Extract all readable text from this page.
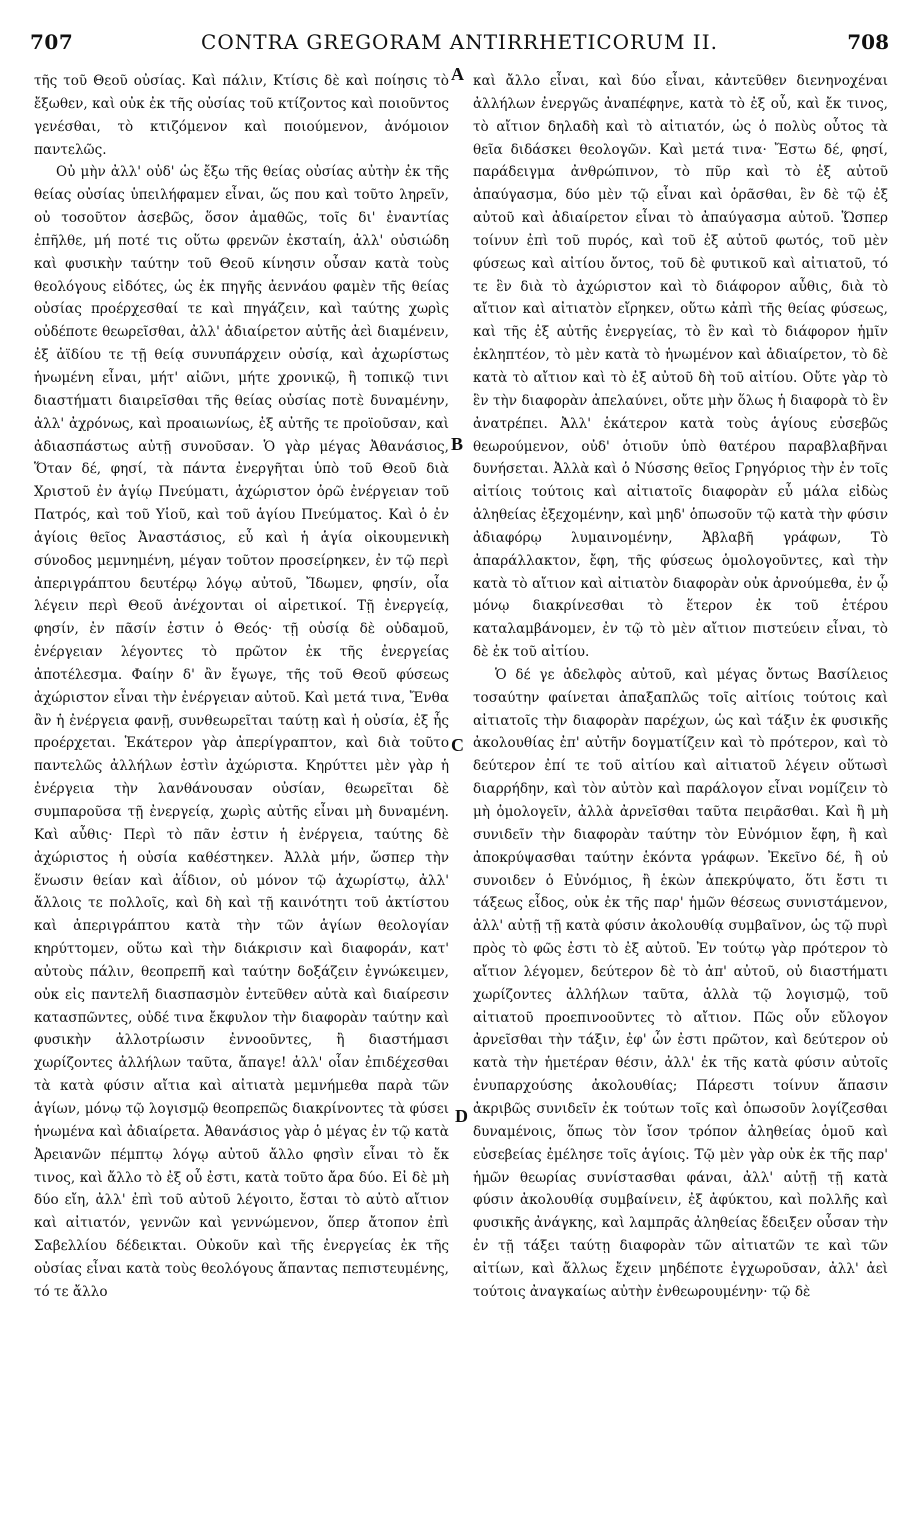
707	CONTRA GREGORAM ANTIRRHETICORUM II.	708
A
B
C
D

τῆς τοῦ Θεοῦ οὐσίας. Καὶ πάλιν, Κτίσις δὲ καὶ ποίησις τὸ ἔξωθεν, καὶ οὐκ ἐκ τῆς οὐσίας τοῦ κτίζοντος καὶ ποιοῦντος γενέσθαι, τὸ κτιζόμενον καὶ ποιούμενον, ἀνόμοιον παντελῶς.

Οὐ μὴν ἀλλ' οὐδ' ὡς ἔξω τῆς θείας οὐσίας αὐτὴν ἐκ τῆς θείας οὐσίας ὑπειλήφαμεν εἶναι, ὥς που καὶ τοῦτο ληρεῖν, οὐ τοσοῦτον ἀσεβῶς, ὅσον ἀμαθῶς, τοῖς δι' ἐναντίας ἐπῆλθε, μή ποτέ τις οὕτω φρενῶν ἐκσταίη, ἀλλ' οὐσιώδη καὶ φυσικὴν ταύτην τοῦ Θεοῦ κίνησιν οὖσαν κατὰ τοὺς θεολόγους εἰδότες, ὡς ἐκ πηγῆς ἀεννάου φαμὲν τῆς θείας οὐσίας προέρχεσθαί τε καὶ πηγάζειν, καὶ ταύτης χωρὶς οὐδέποτε θεωρεῖσθαι, ἀλλ' ἀδιαίρετον αὐτῆς ἀεὶ διαμένειν, ἐξ ἀϊδίου τε τῇ θείᾳ συνυπάρχειν οὐσίᾳ, καὶ ἀχωρίστως ἡνωμένη εἶναι, μήτ' αἰῶνι, μήτε χρονικῷ, ἢ τοπικῷ τινι διαστήματι διαιρεῖσθαι τῆς θείας οὐσίας ποτὲ δυναμένην, ἀλλ' ἀχρόνως, καὶ προαιωνίως, ἐξ αὐτῆς τε προϊοῦσαν, καὶ ἀδιασπάστως αὐτῇ συνοῦσαν. Ὁ γὰρ μέγας Ἀθανάσιος, Ὅταν δέ, φησί, τὰ πάντα ἐνεργῆται ὑπὸ τοῦ Θεοῦ διὰ Χριστοῦ ἐν ἁγίῳ Πνεύματι, ἀχώριστον ὁρῶ ἐνέργειαν τοῦ Πατρός, καὶ τοῦ Υἱοῦ, καὶ τοῦ ἁγίου Πνεύματος. Καὶ ὁ ἐν ἁγίοις θεῖος Ἀναστάσιος, εὖ καὶ ἡ ἁγία οἰκουμενικὴ σύνοδος μεμνημένη, μέγαν τοῦτον προσείρηκεν, ἐν τῷ περὶ ἀπεριγράπτου δευτέρῳ λόγῳ αὐτοῦ, Ἴδωμεν, φησίν, οἷα λέγειν περὶ Θεοῦ ἀνέχονται οἱ αἱρετικοί. Τῇ ἐνεργείᾳ, φησίν, ἐν πᾶσίν ἐστιν ὁ Θεός· τῇ οὐσίᾳ δὲ οὐδαμοῦ, ἐνέργειαν λέγοντες τὸ πρῶτον ἐκ τῆς ἐνεργείας ἀποτέλεσμα. Φαίην δ' ἂν ἔγωγε, τῆς τοῦ Θεοῦ φύσεως ἀχώριστον εἶναι τὴν ἐνέργειαν αὐτοῦ. Καὶ μετά τινα, Ἔνθα ἂν ἡ ἐνέργεια φανῇ, συνθεωρεῖται ταύτῃ καὶ ἡ οὐσία, ἐξ ἧς προέρχεται. Ἑκάτερον γὰρ ἀπερίγραπτον, καὶ διὰ τοῦτο παντελῶς ἀλλήλων ἐστὶν ἀχώριστα. Κηρύττει μὲν γὰρ ἡ ἐνέργεια τὴν λανθάνουσαν οὐσίαν, θεωρεῖται δὲ συμπαροῦσα τῇ ἐνεργείᾳ, χωρὶς αὐτῆς εἶναι μὴ δυναμένη. Καὶ αὖθις· Περὶ τὸ πᾶν ἐστιν ἡ ἐνέργεια, ταύτης δὲ ἀχώριστος ἡ οὐσία καθέστηκεν. Ἀλλὰ μήν, ὥσπερ τὴν ἕνωσιν θείαν καὶ ἀΐδιον, οὐ μόνον τῷ ἀχωρίστῳ, ἀλλ' ἄλλοις τε πολλοῖς, καὶ δὴ καὶ τῇ καινότητι τοῦ ἀκτίστου καὶ ἀπεριγράπτου κατὰ τὴν τῶν ἁγίων θεολογίαν κηρύττομεν, οὕτω καὶ τὴν διάκρισιν καὶ διαφοράν, κατ' αὐτοὺς πάλιν, θεοπρεπῆ καὶ ταύτην δοξάζειν ἐγνώκειμεν, οὐκ εἰς παντελῆ διασπασμὸν ἐντεῦθεν αὐτὰ καὶ διαίρεσιν κατασπῶντες, οὐδέ τινα ἔκφυλον τὴν διαφορὰν ταύτην καὶ φυσικὴν ἀλλοτρίωσιν ἐννοοῦντες, ἢ διαστήμασι χωρίζοντες ἀλλήλων ταῦτα, ἄπαγε! ἀλλ' οἷαν ἐπιδέχεσθαι τὰ κατὰ φύσιν αἴτια καὶ αἰτιατὰ μεμνήμεθα παρὰ τῶν ἁγίων, μόνῳ τῷ λογισμῷ θεοπρεπῶς διακρίνοντες τὰ φύσει ἡνωμένα καὶ ἀδιαίρετα. Ἀθανάσιος γὰρ ὁ μέγας ἐν τῷ κατὰ Ἀρειανῶν πέμπτῳ λόγῳ αὐτοῦ ἄλλο φησὶν εἶναι τὸ ἔκ τινος, καὶ ἄλλο τὸ ἐξ οὗ ἐστι, κατὰ τοῦτο ἄρα δύο. Εἰ δὲ μὴ δύο εἴη, ἀλλ' ἐπὶ τοῦ αὐτοῦ λέγοιτο, ἔσται τὸ αὐτὸ αἴτιον καὶ αἰτιατόν, γεννῶν καὶ γεννώμενον, ὅπερ ἄτοπον ἐπὶ Σαβελλίου δέδεικται. Οὐκοῦν καὶ τῆς ἐνεργείας ἐκ τῆς οὐσίας εἶναι κατὰ τοὺς θεολόγους ἅπαντας πεπιστευμένης, τό τε ἄλλο

καὶ ἄλλο εἶναι, καὶ δύο εἶναι, κἀντεῦθεν διενηνοχέναι ἀλλήλων ἐνεργῶς ἀναπέφηνε, κατὰ τὸ ἐξ οὗ, καὶ ἔκ τινος, τὸ αἴτιον δηλαδὴ καὶ τὸ αἰτιατόν, ὡς ὁ πολὺς οὗτος τὰ θεῖα διδάσκει θεολογῶν. Καὶ μετά τινα· Ἔστω δέ, φησί, παράδειγμα ἀνθρώπινον, τὸ πῦρ καὶ τὸ ἐξ αὐτοῦ ἀπαύγασμα, δύο μὲν τῷ εἶναι καὶ ὁρᾶσθαι, ἓν δὲ τῷ ἐξ αὐτοῦ καὶ ἀδιαίρετον εἶναι τὸ ἀπαύγασμα αὐτοῦ. Ὥσπερ τοίνυν ἐπὶ τοῦ πυρός, καὶ τοῦ ἐξ αὐτοῦ φωτός, τοῦ μὲν φύσεως καὶ αἰτίου ὄντος, τοῦ δὲ φυτικοῦ καὶ αἰτιατοῦ, τό τε ἓν διὰ τὸ ἀχώριστον καὶ τὸ διάφορον αὖθις, διὰ τὸ αἴτιον καὶ αἰτιατὸν εἴρηκεν, οὕτω κἀπὶ τῆς θείας φύσεως, καὶ τῆς ἐξ αὐτῆς ἐνεργείας, τὸ ἓν καὶ τὸ διάφορον ἡμῖν ἐκληπτέον, τὸ μὲν κατὰ τὸ ἡνωμένον καὶ ἀδιαίρετον, τὸ δὲ κατὰ τὸ αἴτιον καὶ τὸ ἐξ αὐτοῦ δὴ τοῦ αἰτίου. Οὔτε γὰρ τὸ ἓν τὴν διαφορὰν ἀπελαύνει, οὔτε μὴν ὅλως ἡ διαφορὰ τὸ ἓν ἀνατρέπει. Ἀλλ' ἑκάτερον κατὰ τοὺς ἁγίους εὐσεβῶς θεωρούμενον, οὐδ' ὁτιοῦν ὑπὸ θατέρου παραβλαβῆναι δυνήσεται. Ἀλλὰ καὶ ὁ Νύσσης θεῖος Γρηγόριος τὴν ἐν τοῖς αἰτίοις τούτοις καὶ αἰτιατοῖς διαφορὰν εὖ μάλα εἰδὼς ἀληθείας ἐξεχομένην, καὶ μηδ' ὁπωσοῦν τῷ κατὰ τὴν φύσιν ἀδιαφόρῳ λυμαινομένην, Ἀβλαβῆ γράφων, Τὸ ἀπαράλλακτον, ἔφη, τῆς φύσεως ὁμολογοῦντες, καὶ τὴν κατὰ τὸ αἴτιον καὶ αἰτιατὸν διαφορὰν οὐκ ἀρνούμεθα, ἐν ᾧ μόνῳ διακρίνεσθαι τὸ ἕτερον ἐκ τοῦ ἑτέρου καταλαμβάνομεν, ἐν τῷ τὸ μὲν αἴτιον πιστεύειν εἶναι, τὸ δὲ ἐκ τοῦ αἰτίου.

Ὁ δέ γε ἀδελφὸς αὐτοῦ, καὶ μέγας ὄντως Βασίλειος τοσαύτην φαίνεται ἀπαξαπλῶς τοῖς αἰτίοις τούτοις καὶ αἰτιατοῖς τὴν διαφορὰν παρέχων, ὡς καὶ τάξιν ἐκ φυσικῆς ἀκολουθίας ἐπ' αὐτῆν δογματίζειν καὶ τὸ πρότερον, καὶ τὸ δεύτερον ἐπί τε τοῦ αἰτίου καὶ αἰτιατοῦ λέγειν οὕτωσὶ διαρρήδην, καὶ τὸν αὐτὸν καὶ παράλογον εἶναι νομίζειν τὸ μὴ ὁμολογεῖν, ἀλλὰ ἀρνεῖσθαι ταῦτα πειρᾶσθαι. Καὶ ἢ μὴ συνιδεῖν τὴν διαφορὰν ταύτην τὸν Εὐνόμιον ἔφη, ἢ καὶ ἀποκρύψασθαι ταύτην ἑκόντα γράφων. Ἐκεῖνο δέ, ἢ οὐ συνοιδεν ὁ Εὐνόμιος, ἢ ἑκὼν ἀπεκρύψατο, ὅτι ἔστι τι τάξεως εἶδος, οὐκ ἐκ τῆς παρ' ἡμῶν θέσεως συνιστάμενον, ἀλλ' αὐτῇ τῇ κατὰ φύσιν ἀκολουθίᾳ συμβαῖνον, ὡς τῷ πυρὶ πρὸς τὸ φῶς ἐστι τὸ ἐξ αὐτοῦ. Ἐν τούτῳ γὰρ πρότερον τὸ αἴτιον λέγομεν, δεύτερον δὲ τὸ ἀπ' αὐτοῦ, οὐ διαστήματι χωρίζοντες ἀλλήλων ταῦτα, ἀλλὰ τῷ λογισμῷ, τοῦ αἰτιατοῦ προεπινοοῦντες τὸ αἴτιον. Πῶς οὖν εὔλογον ἀρνεῖσθαι τὴν τάξιν, ἐφ' ὧν ἐστι πρῶτον, καὶ δεύτερον οὐ κατὰ τὴν ἡμετέραν θέσιν, ἀλλ' ἐκ τῆς κατὰ φύσιν αὐτοῖς ἐνυπαρχούσης ἀκολουθίας; Πάρεστι τοίνυν ἅπασιν ἀκριβῶς συνιδεῖν ἐκ τούτων τοῖς καὶ ὁπωσοῦν λογίζεσθαι δυναμένοις, ὅπως τὸν ἴσον τρόπον ἀληθείας ὁμοῦ καὶ εὐσεβείας ἐμέλησε τοῖς ἁγίοις. Τῷ μὲν γὰρ οὐκ ἐκ τῆς παρ' ἡμῶν θεωρίας συνίστασθαι φάναι, ἀλλ' αὐτῇ τῇ κατὰ φύσιν ἀκολουθίᾳ συμβαίνειν, ἐξ ἀφύκτου, καὶ πολλῆς καὶ φυσικῆς ἀνάγκης, καὶ λαμπρᾶς ἀληθείας ἔδειξεν οὖσαν τὴν ἐν τῇ τάξει ταύτῃ διαφορὰν τῶν αἰτιατῶν τε καὶ τῶν αἰτίων, καὶ ἄλλως ἔχειν μηδέποτε ἐγχωροῦσαν, ἀλλ' ἀεὶ τούτοις ἀναγκαίως αὐτὴν ἐνθεωρουμένην· τῷ δὲ
